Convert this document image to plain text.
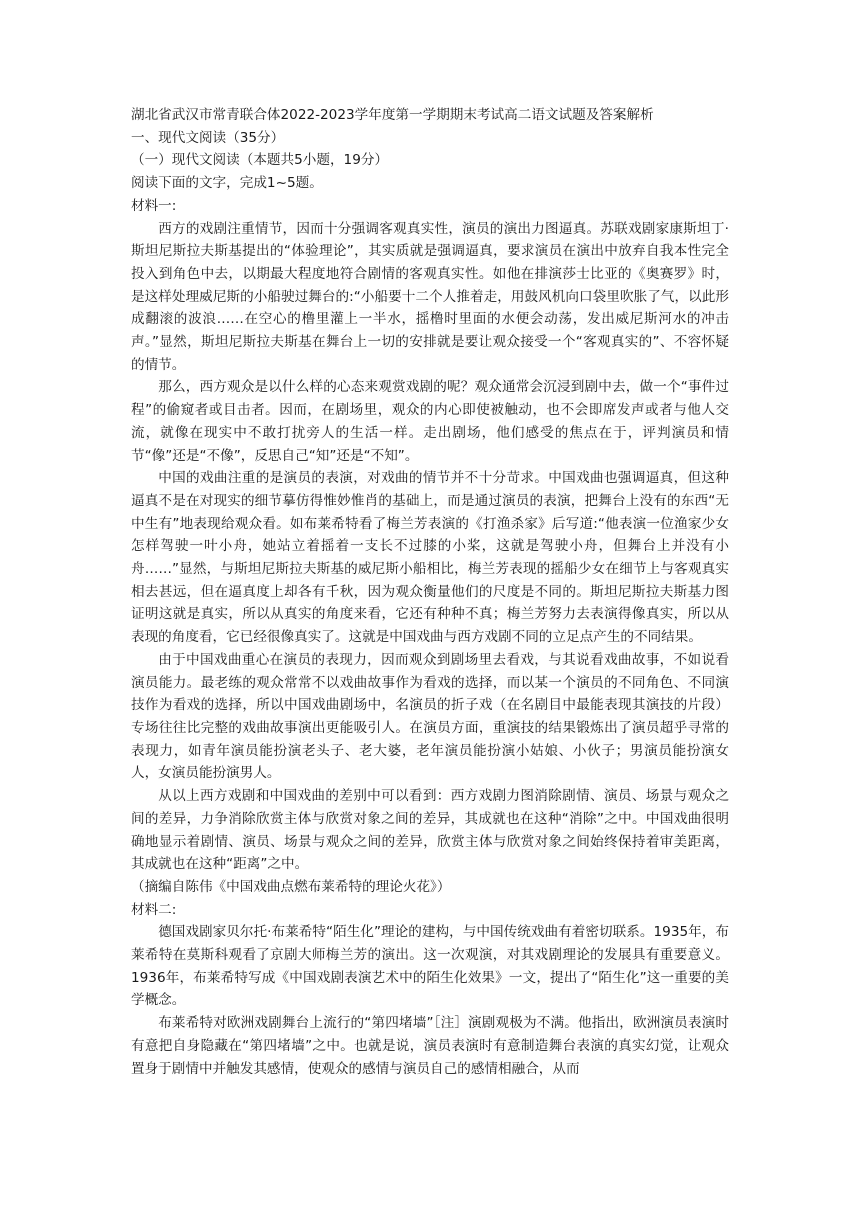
湖北省武汉市常青联合体2022-2023学年度第一学期期末考试高二语文试题及答案解析

一、现代文阅读（35分）

（一）现代文阅读（本题共5小题，19分）

阅读下面的文字，完成1~5题。

材料一:

西方的戏剧注重情节，因而十分强调客观真实性，演员的演出力图逼真。苏联戏剧家康斯坦丁·斯坦尼斯拉夫斯基提出的“体验理论”，其实质就是强调逼真，要求演员在演出中放弃自我本性完全投入到角色中去，以期最大程度地符合剧情的客观真实性。如他在排演莎士比亚的《奥赛罗》时，是这样处理威尼斯的小船驶过舞台的:“小船要十二个人推着走，用鼓风机向口袋里吹胀了气，以此形成翻滚的波浪……在空心的橹里灌上一半水，摇橹时里面的水便会动荡，发出威尼斯河水的冲击声。”显然，斯坦尼斯拉夫斯基在舞台上一切的安排就是要让观众接受一个“客观真实的”、不容怀疑的情节。

那么，西方观众是以什么样的心态来观赏戏剧的呢？观众通常会沉浸到剧中去，做一个“事件过程”的偷窥者或目击者。因而，在剧场里，观众的内心即使被触动，也不会即席发声或者与他人交流，就像在现实中不敢打扰旁人的生活一样。走出剧场，他们感受的焦点在于，评判演员和情节“像”还是“不像”，反思自己“知”还是“不知”。

中国的戏曲注重的是演员的表演，对戏曲的情节并不十分苛求。中国戏曲也强调逼真，但这种逼真不是在对现实的细节摹仿得惟妙惟肖的基础上，而是通过演员的表演，把舞台上没有的东西“无中生有”地表现给观众看。如布莱希特看了梅兰芳表演的《打渔杀家》后写道:“他表演一位渔家少女怎样驾驶一叶小舟，她站立着摇着一支长不过膝的小桨，这就是驾驶小舟，但舞台上并没有小舟……”显然，与斯坦尼斯拉夫斯基的威尼斯小船相比，梅兰芳表现的摇船少女在细节上与客观真实相去甚远，但在逼真度上却各有千秋，因为观众衡量他们的尺度是不同的。斯坦尼斯拉夫斯基力图证明这就是真实，所以从真实的角度来看，它还有种种不真；梅兰芳努力去表演得像真实，所以从表现的角度看，它已经很像真实了。这就是中国戏曲与西方戏剧不同的立足点产生的不同结果。

由于中国戏曲重心在演员的表现力，因而观众到剧场里去看戏，与其说看戏曲故事，不如说看演员能力。最老练的观众常常不以戏曲故事作为看戏的选择，而以某一个演员的不同角色、不同演技作为看戏的选择，所以中国戏曲剧场中，名演员的折子戏（在名剧目中最能表现其演技的片段）专场往往比完整的戏曲故事演出更能吸引人。在演员方面，重演技的结果锻炼出了演员超乎寻常的表现力，如青年演员能扮演老头子、老大婆，老年演员能扮演小姑娘、小伙子；男演员能扮演女人，女演员能扮演男人。

从以上西方戏剧和中国戏曲的差别中可以看到：西方戏剧力图消除剧情、演员、场景与观众之间的差异，力争消除欣赏主体与欣赏对象之间的差异，其成就也在这种“消除”之中。中国戏曲很明确地显示着剧情、演员、场景与观众之间的差异，欣赏主体与欣赏对象之间始终保持着审美距离，其成就也在这种“距离”之中。

（摘编自陈伟《中国戏曲点燃布莱希特的理论火花》）

材料二:

德国戏剧家贝尔托·布莱希特“陌生化”理论的建构，与中国传统戏曲有着密切联系。1935年，布莱希特在莫斯科观看了京剧大师梅兰芳的演出。这一次观演，对其戏剧理论的发展具有重要意义。1936年，布莱希特写成《中国戏剧表演艺术中的陌生化效果》一文，提出了“陌生化”这一重要的美学概念。

布莱希特对欧洲戏剧舞台上流行的“第四堵墙”［注］演剧观极为不满。他指出，欧洲演员表演时有意把自身隐藏在“第四堵墙”之中。也就是说，演员表演时有意制造舞台表演的真实幻觉，让观众置身于剧情中并触发其感情，使观众的感情与演员自己的感情相融合，从而
